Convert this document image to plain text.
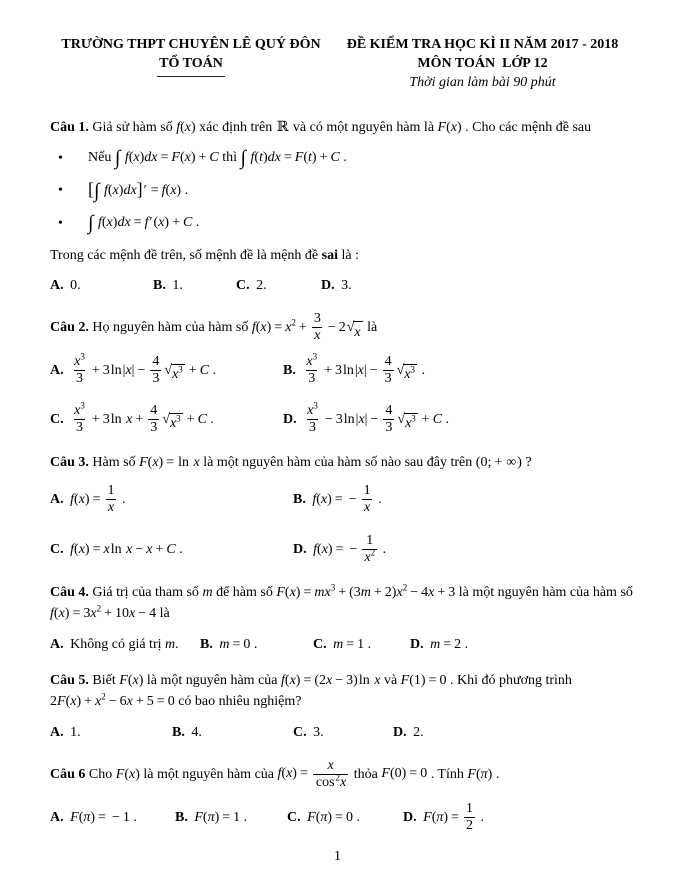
TRƯỜNG THPT CHUYÊN LÊ QUÝ ĐÔN
TỔ TOÁN
ĐỀ KIỂM TRA HỌC KÌ II NĂM 2017 - 2018
MÔN TOÁN  LỚP 12
Thời gian làm bài 90 phút

Câu 1. Giả sử hàm số f(x) xác định trên ℝ và có một nguyên hàm là F(x) . Cho các mệnh đề sau

• Nếu ∫ f(x)dx = F(x) + C thì ∫ f(t)dx = F(t) + C .
• [∫ f(x)dx]′ = f(x) .
• ∫ f(x)dx = f′(x) + C .

Trong các mệnh đề trên, số mệnh đề là mệnh đề sai là :

A. 0.	B. 1.	C. 2.	D. 3.

Câu 2. Họ nguyên hàm của hàm số $f(x) = x^2 + \frac{3}{x} - 2$ √ x là

A. $\frac{x^3}{3} + 3\ln|x| - \frac{4}{3}$ √ $x^3 + C$ .	B. $\frac{x^3}{3} + 3\ln|x| - \frac{4}{3}$ √ $x^3$ .
C. $\frac{x^3}{3} + 3\ln$ $x + \frac{4}{3}$ √ $x^3 + C$ .	D. $\frac{x^3}{3} - 3\ln|x| - \frac{4}{3}$ √ $x^3 + C$ .

Câu 3. Hàm số F(x) = ln x là một nguyên hàm của hàm số nào sau đây trên (0; + ∞) ?

A. $f(x) = \frac{1}{x}$ .	B. f(x) = − $\frac{1}{x}$ .
C. f(x) = xln x − x + C .	D. f(x) = − $\frac{1}{x^2}$ .

Câu 4. Giá trị của tham số m để hàm số $F(x) = mx^3 + (3m + 2)x^2 - 4x + 3$ là một nguyên hàm của hàm số $f(x) = 3x^2 + 10x - 4$ là

A. Không có giá trị m.	B. m = 0 .	C. m = 1 .	D. m = 2 .

Câu 5. Biết F(x) là một nguyên hàm của f(x) = (2x − 3)ln x và F(1) = 0 . Khi đó phương trình $2F(x) + x^2 - 6x + 5 = 0$ có bao nhiêu nghiệm?

A. 1.	B. 4.	C. 3.	D. 2.

Câu 6 Cho F(x) là một nguyên hàm của $f(x) = \frac{x}{\cos^2x}$ thỏa F(0) = 0 . Tính F(π) .

A. F(π) = − 1 .	B. F(π) = 1 .	C. F(π) = 0 .	D. $F(\pi) = \frac{1}{2}$ .
1
